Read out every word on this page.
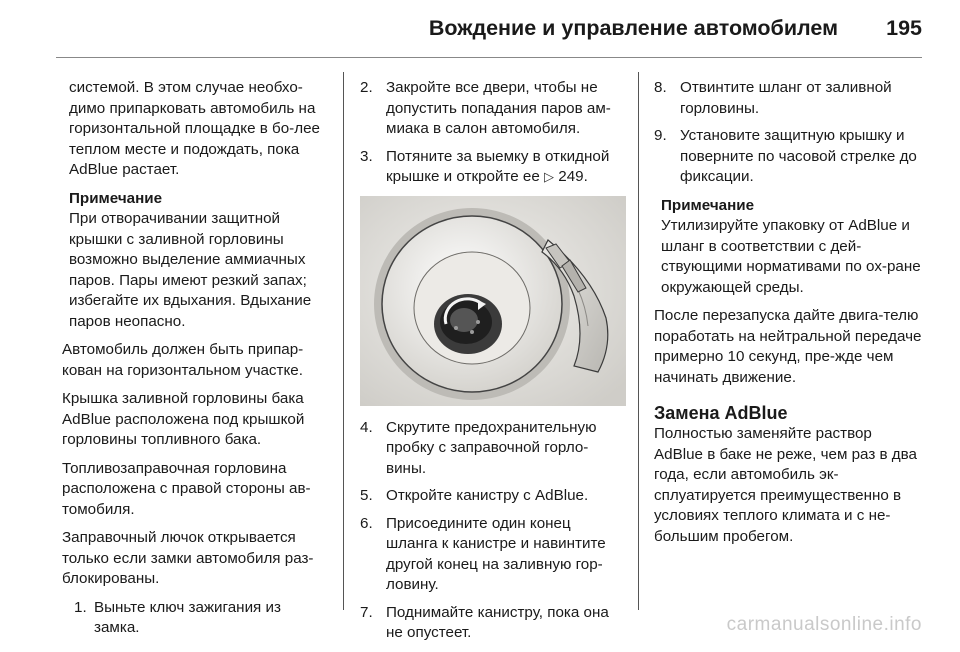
Вождение и управление автомобилем 195

системой. В этом случае необхо-димо припарковать автомобиль на горизонтальной площадке в бо-лее теплом месте и подождать, пока AdBlue растает.

Примечание
При отворачивании защитной крышки с заливной горловины возможно выделение аммиачных паров. Пары имеют резкий запах; избегайте их вдыхания. Вдыхание паров неопасно.

Автомобиль должен быть припар-кован на горизонтальном участке.

Крышка заливной горловины бака AdBlue расположена под крышкой горловины топливного бака.

Топливозаправочная горловина расположена с правой стороны ав-томобиля.

Заправочный лючок открывается только если замки автомобиля раз-блокированы.

1. Выньте ключ зажигания из замка.
2. Закройте все двери, чтобы не допустить попадания паров ам-миака в салон автомобиля.
3. Потяните за выемку в откидной крышке и откройте ее ▷ 249.
4. Скрутите предохранительную пробку с заправочной горло-вины.
5. Откройте канистру с AdBlue.
6. Присоедините один конец шланга к канистре и навинтите другой конец на заливную гор-ловину.
7. Поднимайте канистру, пока она не опустеет.
8. Отвинтите шланг от заливной горловины.
9. Установите защитную крышку и поверните по часовой стрелке до фиксации.
Примечание
Утилизируйте упаковку от AdBlue и шланг в соответствии с дей-ствующими нормативами по ох-ране окружающей среды.

После перезапуска дайте двига-телю поработать на нейтральной передаче примерно 10 секунд, пре-жде чем начинать движение.

Замена AdBlue

Полностью заменяйте раствор AdBlue в баке не реже, чем раз в два года, если автомобиль эк-сплуатируется преимущественно в условиях теплого климата и с не-большим пробегом.

carmanualsonline.info
